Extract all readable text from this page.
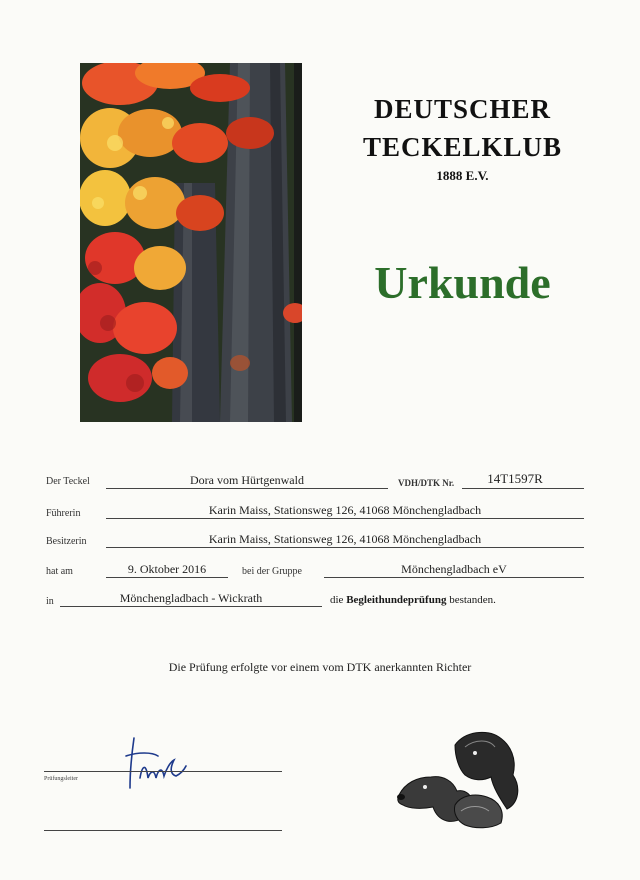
DEUTSCHER
TECKELKLUB
1888 E.V.
Urkunde
Der Teckel	Dora vom Hürtgenwald	VDH/DTK Nr.	14T1597R
Führerin	Karin Maiss, Stationsweg 126, 41068 Mönchengladbach
Besitzerin	Karin Maiss, Stationsweg 126, 41068 Mönchengladbach
hat am	9. Oktober 2016	bei der Gruppe	Mönchengladbach eV
in	Mönchengladbach - Wickrath	die Begleithundeprüfung bestanden.
Die Prüfung erfolgte vor einem vom DTK anerkannten Richter
Prüfungsleiter
